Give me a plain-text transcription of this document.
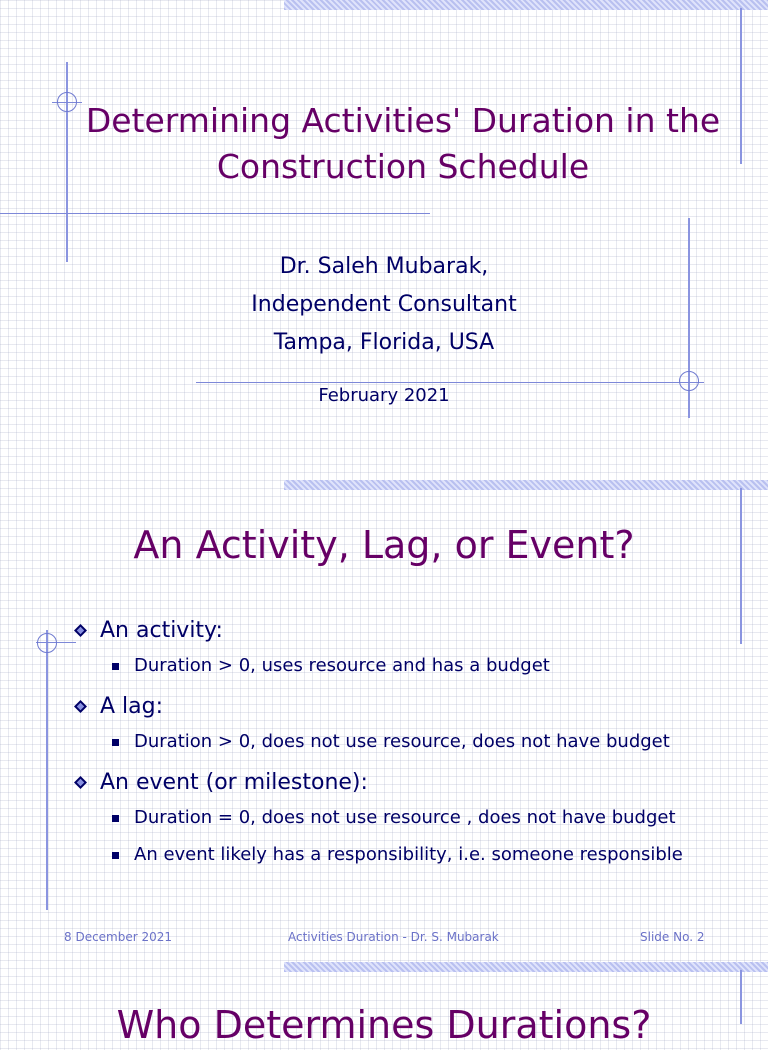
Determining Activities' Duration in the Construction Schedule
Dr. Saleh Mubarak,
Independent Consultant
Tampa, Florida, USA
February 2021
An Activity, Lag, or Event?
An activity:
Duration > 0, uses resource and has a budget
A lag:
Duration > 0, does not use resource, does not have budget
An event (or milestone):
Duration = 0, does not use resource , does not have budget
An event likely has a responsibility, i.e. someone responsible
8 December 2021	Activities Duration - Dr. S. Mubarak	Slide No. 2
Who Determines Durations?
